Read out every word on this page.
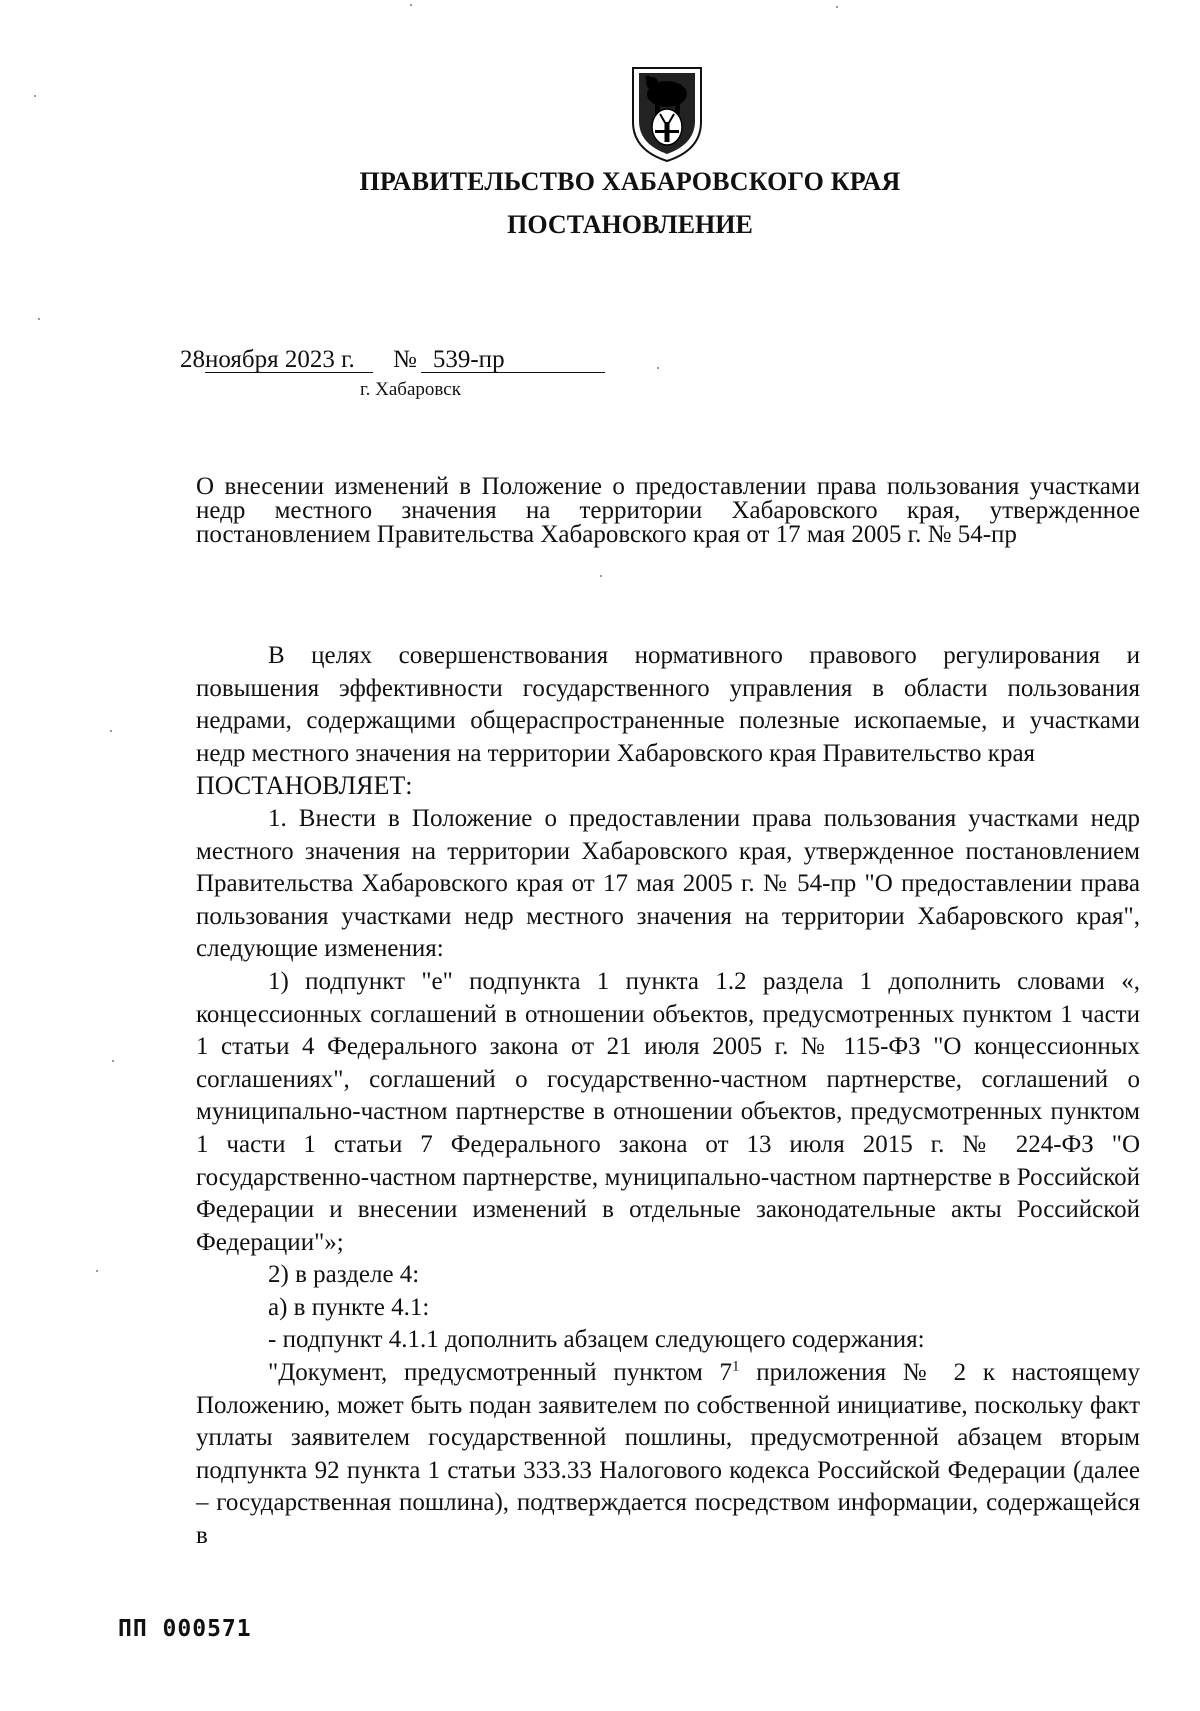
ПРАВИТЕЛЬСТВО ХАБАРОВСКОГО КРАЯ
ПОСТАНОВЛЕНИЕ
28ноября 2023 г. № 539-пр
г. Хабаровск
О внесении изменений в Положение о предоставлении права пользования участками недр местного значения на территории Хабаровского края, утвержденное постановлением Правительства Хабаровского края от 17 мая 2005 г. № 54-пр

В целях совершенствования нормативного правового регулирования и повышения эффективности государственного управления в области пользования недрами, содержащими общераспространенные полезные ископаемые, и участками недр местного значения на территории Хабаровского края Правительство края

ПОСТАНОВЛЯЕТ:

1. Внести в Положение о предоставлении права пользования участками недр местного значения на территории Хабаровского края, утвержденное постановлением Правительства Хабаровского края от 17 мая 2005 г. № 54-пр "О предоставлении права пользования участками недр местного значения на территории Хабаровского края", следующие изменения:

1) подпункт "е" подпункта 1 пункта 1.2 раздела 1 дополнить словами «, концессионных соглашений в отношении объектов, предусмотренных пунктом 1 части 1 статьи 4 Федерального закона от 21 июля 2005 г. № 115-ФЗ "О концессионных соглашениях", соглашений о государственно-частном партнерстве, соглашений о муниципально-частном партнерстве в отношении объектов, предусмотренных пунктом 1 части 1 статьи 7 Федерального закона от 13 июля 2015 г. № 224-ФЗ "О государственно-частном партнерстве, муниципально-частном партнерстве в Российской Федерации и внесении изменений в отдельные законодательные акты Российской Федерации"»;

2) в разделе 4:

а) в пункте 4.1:

- подпункт 4.1.1 дополнить абзацем следующего содержания:

"Документ, предусмотренный пунктом $7^1$ приложения № 2 к настоящему Положению, может быть подан заявителем по собственной инициативе, поскольку факт уплаты заявителем государственной пошлины, предусмотренной абзацем вторым подпункта 92 пункта 1 статьи 333.33 Налогового кодекса Российской Федерации (далее – государственная пошлина), подтверждается посредством информации, содержащейся в

ПП 000571
